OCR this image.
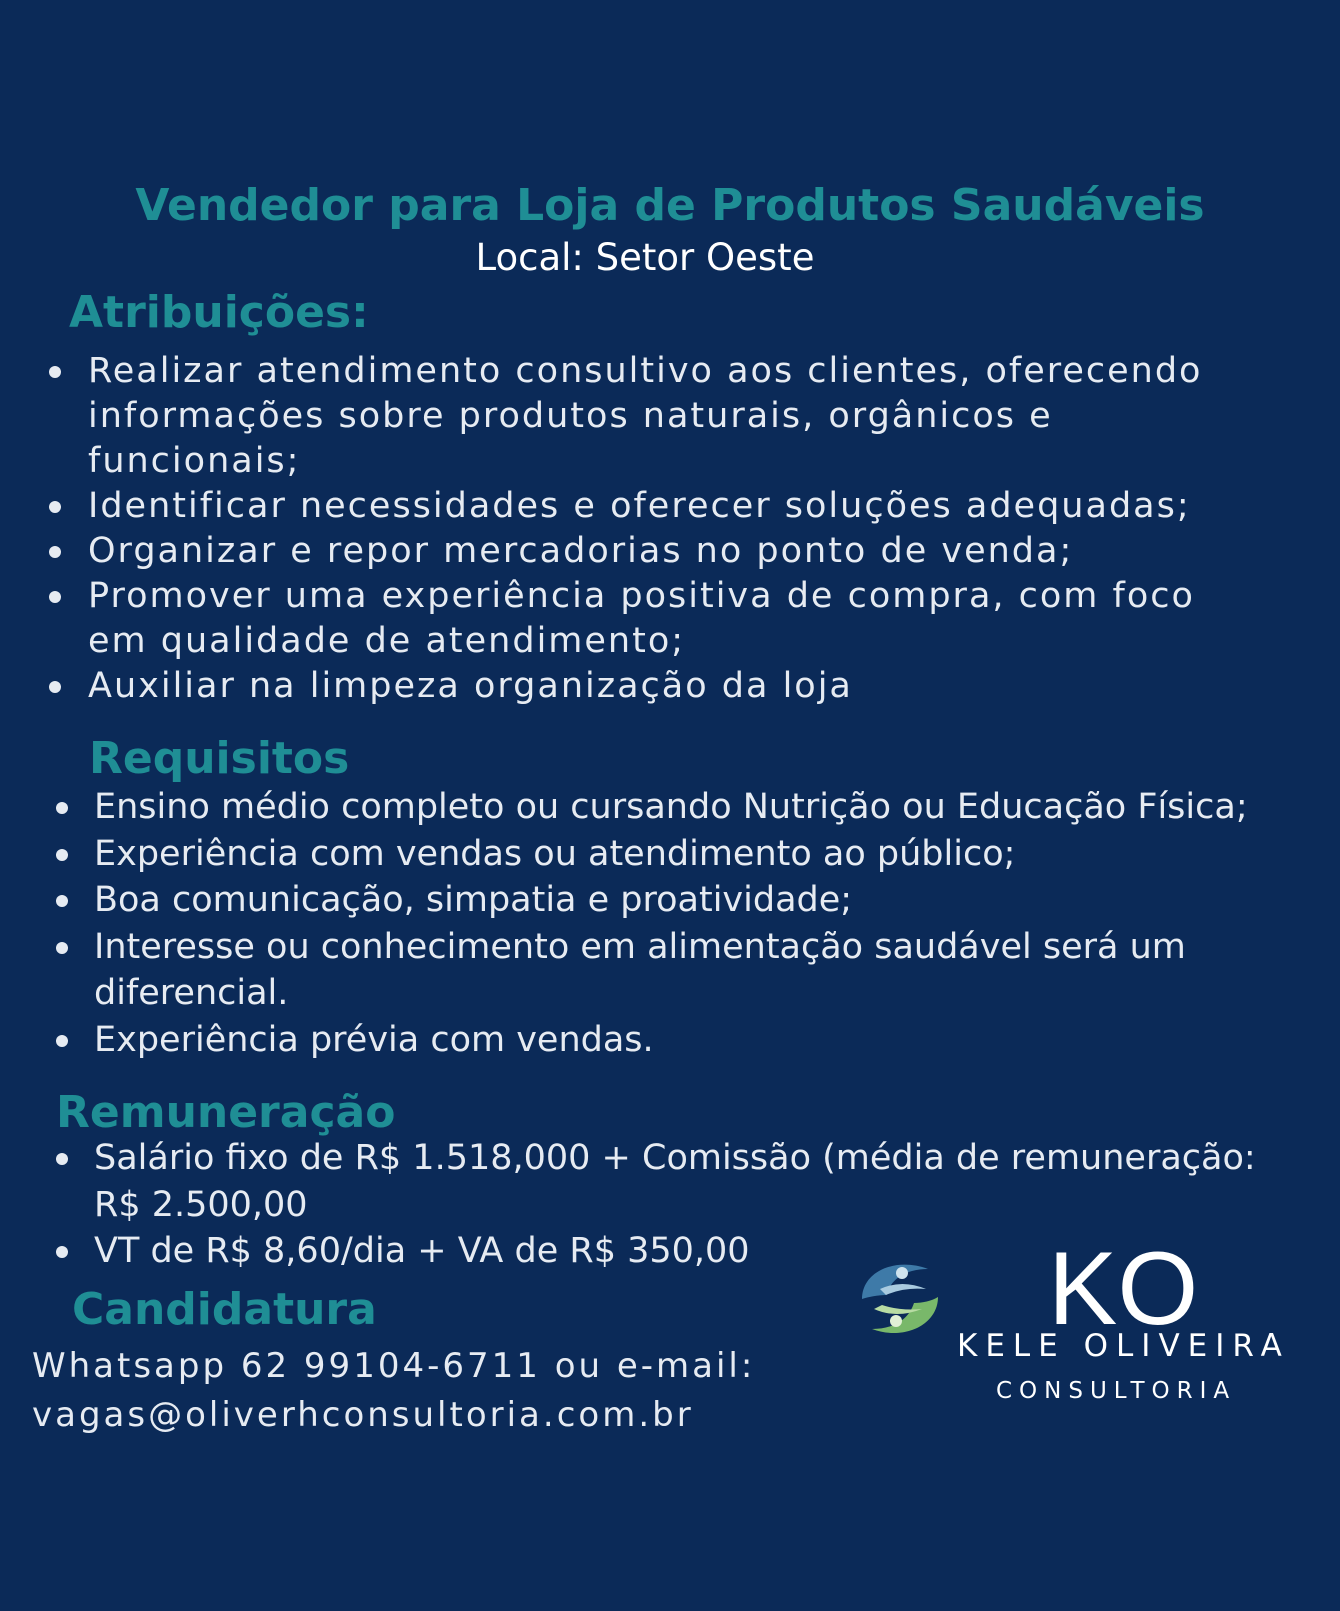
Vendedor para Loja de Produtos Saudáveis
Local: Setor Oeste
Atribuições:
Realizar atendimento consultivo aos clientes, oferecendo informações sobre produtos naturais, orgânicos e funcionais;
Identificar necessidades e oferecer soluções adequadas;
Organizar e repor mercadorias no ponto de venda;
Promover uma experiência positiva de compra, com foco em qualidade de atendimento;
Auxiliar na limpeza organização da loja
Requisitos
Ensino médio completo ou cursando Nutrição ou Educação Física;
Experiência com vendas ou atendimento ao público;
Boa comunicação, simpatia e proatividade;
Interesse ou conhecimento em alimentação saudável será um diferencial.
Experiência prévia com vendas.
Remuneração
Salário fixo de R$ 1.518,000 + Comissão (média de remuneração: R$ 2.500,00
VT de R$ 8,60/dia + VA de R$ 350,00
Candidatura
Whatsapp 62 99104-6711 ou e-mail:
vagas@oliverhconsultoria.com.br
KO
KELE OLIVEIRA
CONSULTORIA
